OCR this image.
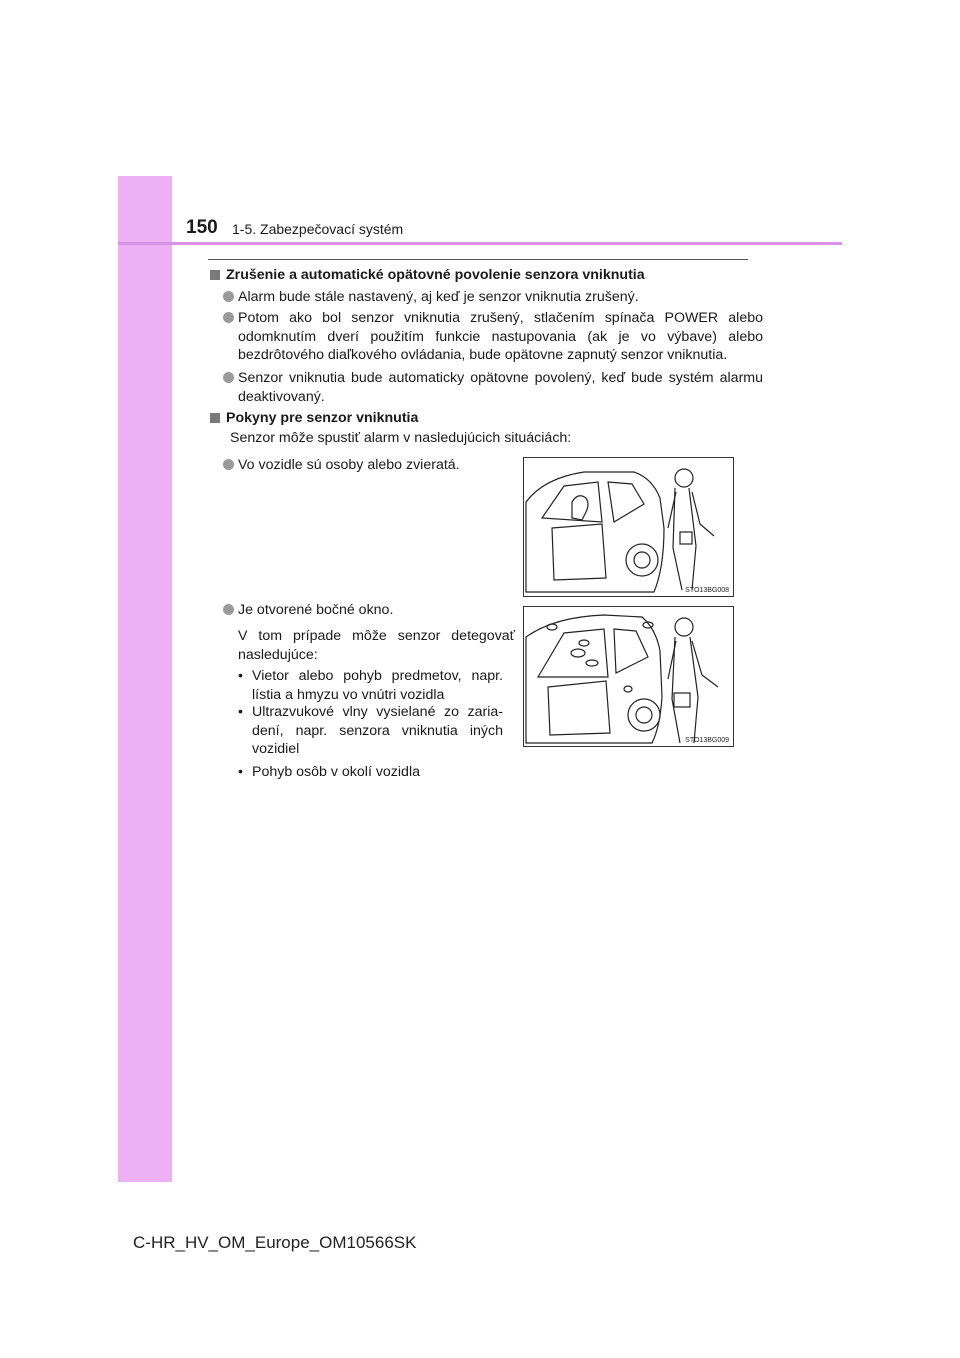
150 1-5. Zabezpečovací systém
Zrušenie a automatické opätovné povolenie senzora vniknutia
Alarm bude stále nastavený, aj keď je senzor vniknutia zrušený.
Potom ako bol senzor vniknutia zrušený, stlačením spínača POWER alebo odomknutím dverí použitím funkcie nastupovania (ak je vo výbave) alebo bezdrôtového diaľkového ovládania, bude opätovne zapnutý senzor vniknutia.
Senzor vniknutia bude automaticky opätovne povolený, keď bude systém alarmu deaktivovaný.
Pokyny pre senzor vniknutia
Senzor môže spustiť alarm v nasledujúcich situáciách:
Vo vozidle sú osoby alebo zvieratá.
STO13BG008
Je otvorené bočné okno.
V tom prípade môže senzor detegovať nasledujúce:
• Vietor alebo pohyb predmetov, napr. lístia a hmyzu vo vnútri vozidla
• Ultrazvukové vlny vysielané zo zaria-dení, napr. senzora vniknutia iných vozidiel
• Pohyb osôb v okolí vozidla
STO13BG009
C-HR_HV_OM_Europe_OM10566SK
